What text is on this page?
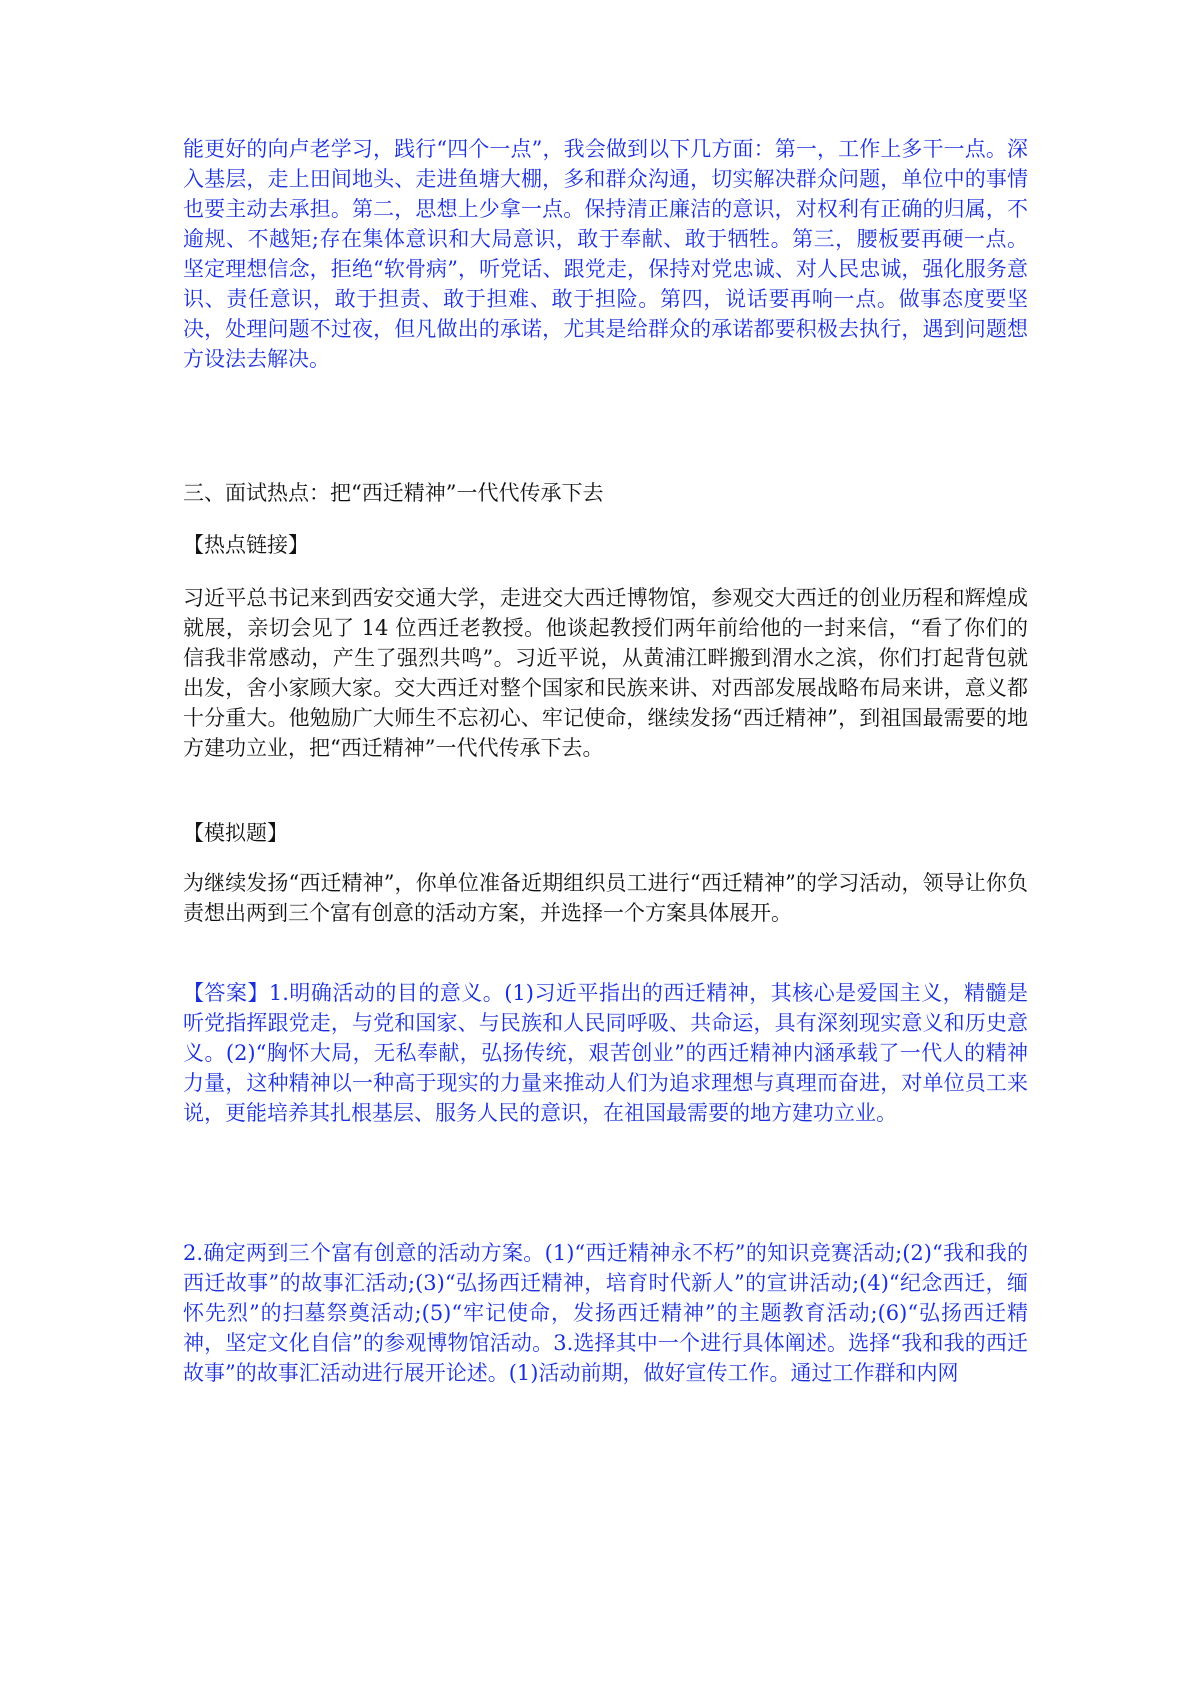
能更好的向卢老学习，践行“四个一点”，我会做到以下几方面：第一，工作上多干一点。深入基层，走上田间地头、走进鱼塘大棚，多和群众沟通，切实解决群众问题，单位中的事情也要主动去承担。第二，思想上少拿一点。保持清正廉洁的意识，对权利有正确的归属，不逾规、不越矩;存在集体意识和大局意识，敢于奉献、敢于牺牲。第三，腰板要再硬一点。坚定理想信念，拒绝“软骨病”，听党话、跟党走，保持对党忠诚、对人民忠诚，强化服务意识、责任意识，敢于担责、敢于担难、敢于担险。第四，说话要再响一点。做事态度要坚决，处理问题不过夜，但凡做出的承诺，尤其是给群众的承诺都要积极去执行，遇到问题想方设法去解决。

三、面试热点：把“西迁精神”一代代传承下去

【热点链接】

习近平总书记来到西安交通大学，走进交大西迁博物馆，参观交大西迁的创业历程和辉煌成就展，亲切会见了 14 位西迁老教授。他谈起教授们两年前给他的一封来信，“看了你们的信我非常感动，产生了强烈共鸣”。习近平说，从黄浦江畔搬到渭水之滨，你们打起背包就出发，舍小家顾大家。交大西迁对整个国家和民族来讲、对西部发展战略布局来讲，意义都十分重大。他勉励广大师生不忘初心、牢记使命，继续发扬“西迁精神”，到祖国最需要的地方建功立业，把“西迁精神”一代代传承下去。

【模拟题】

为继续发扬“西迁精神”，你单位准备近期组织员工进行“西迁精神”的学习活动，领导让你负责想出两到三个富有创意的活动方案，并选择一个方案具体展开。

【答案】1.明确活动的目的意义。(1)习近平指出的西迁精神，其核心是爱国主义，精髓是听党指挥跟党走，与党和国家、与民族和人民同呼吸、共命运，具有深刻现实意义和历史意义。(2)“胸怀大局，无私奉献，弘扬传统，艰苦创业”的西迁精神内涵承载了一代人的精神力量，这种精神以一种高于现实的力量来推动人们为追求理想与真理而奋进，对单位员工来说，更能培养其扎根基层、服务人民的意识，在祖国最需要的地方建功立业。

2.确定两到三个富有创意的活动方案。(1)“西迁精神永不朽”的知识竞赛活动;(2)“我和我的西迁故事”的故事汇活动;(3)“弘扬西迁精神，培育时代新人”的宣讲活动;(4)“纪念西迁，缅怀先烈”的扫墓祭奠活动;(5)“牢记使命，发扬西迁精神”的主题教育活动;(6)“弘扬西迁精神，坚定文化自信”的参观博物馆活动。3.选择其中一个进行具体阐述。选择“我和我的西迁故事”的故事汇活动进行展开论述。(1)活动前期，做好宣传工作。通过工作群和内网
